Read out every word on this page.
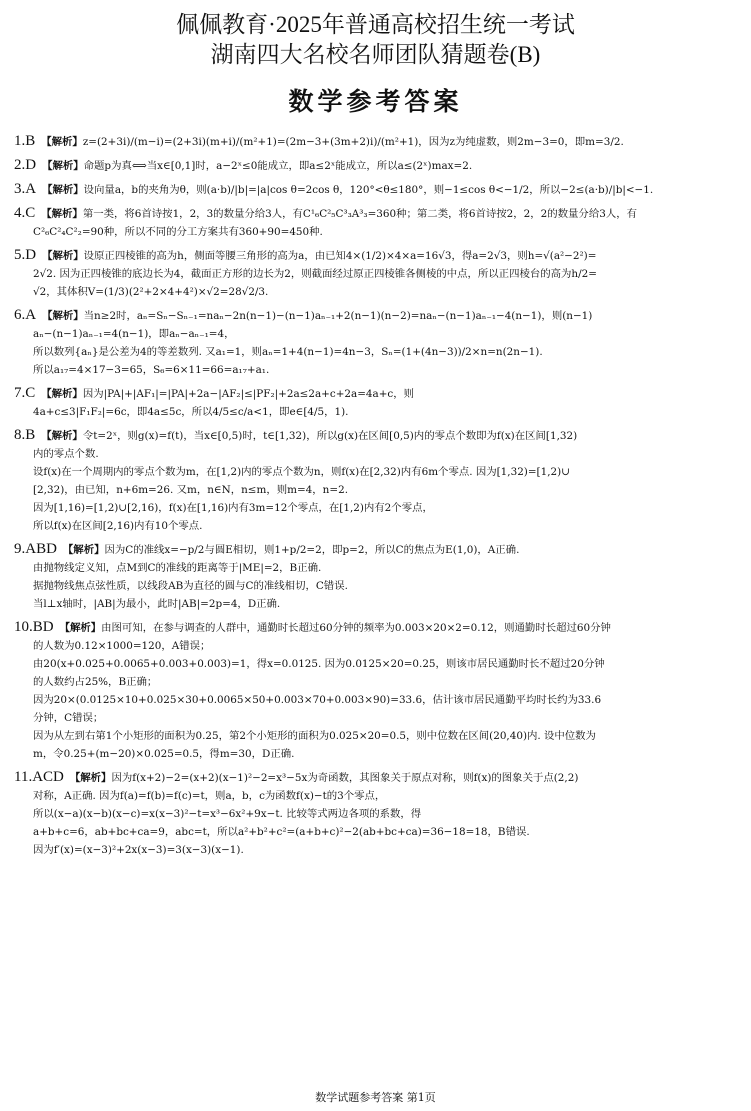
佩佩教育·2025年普通高校招生统一考试
湖南四大名校名师团队猜题卷(B)
数学参考答案
1.B 【解析】z=(2+3i)/(m−i)=(2+3i)(m+i)/(m²+1)=(2m−3+(3m+2)i)/(m²+1)，因为z为纯虚数，则2m−3=0，即m=3/2.
2.D 【解析】命题p为真⟺当x∈[0,1]时，a−2ˣ≤0能成立，即a≤2ˣ能成立，所以a≤(2ˣ)max=2.
3.A 【解析】设向量a，b的夹角为θ，则(a·b)/|b|=|a|cos θ=2cos θ，120°<θ≤180°，则−1≤cos θ<−1/2，所以−2≤(a·b)/|b|<−1.
4.C 【解析】第一类，将6首诗按1，2，3的数量分给3人，有C¹₆C²₅C³₃A³₃=360种；第二类，将6首诗按2，2，2的数量分给3人，有
C²₆C²₄C²₂=90种，所以不同的分工方案共有360+90=450种.
5.D 【解析】设原正四棱锥的高为h，侧面等腰三角形的高为a，由已知4×(1/2)×4×a=16√3，得a=2√3，则h=√(a²−2²)=
2√2. 因为正四棱锥的底边长为4，截面正方形的边长为2，则截面经过原正四棱锥各侧棱的中点，所以正四棱台的高为h/2=
√2，其体积V=(1/3)(2²+2×4+4²)×√2=28√2/3.
6.A 【解析】当n≥2时，aₙ=Sₙ−Sₙ₋₁=naₙ−2n(n−1)−(n−1)aₙ₋₁+2(n−1)(n−2)=naₙ−(n−1)aₙ₋₁−4(n−1)，则(n−1)
aₙ−(n−1)aₙ₋₁=4(n−1)，即aₙ−aₙ₋₁=4，
所以数列{aₙ}是公差为4的等差数列. 又a₁=1，则aₙ=1+4(n−1)=4n−3，Sₙ=(1+(4n−3))/2×n=n(2n−1).
所以a₁₇=4×17−3=65，S₆=6×11=66=a₁₇+a₁.
7.C 【解析】因为|PA|+|AF₁|=|PA|+2a−|AF₂|≤|PF₂|+2a≤2a+c+2a=4a+c，则
4a+c≤3|F₁F₂|=6c，即4a≤5c，所以4/5≤c/a<1，即e∈[4/5，1).
8.B 【解析】令t=2ˣ，则g(x)=f(t)，当x∈[0,5)时，t∈[1,32)，所以g(x)在区间[0,5)内的零点个数即为f(x)在区间[1,32)
内的零点个数.
设f(x)在一个周期内的零点个数为m，在[1,2)内的零点个数为n，则f(x)在[2,32)内有6m个零点. 因为[1,32)=[1,2)∪
[2,32)，由已知，n+6m=26. 又m，n∈N，n≤m，则m=4，n=2.
因为[1,16)=[1,2)∪[2,16)，f(x)在[1,16)内有3m=12个零点，在[1,2)内有2个零点，
所以f(x)在区间[2,16)内有10个零点.
9.ABD 【解析】因为C的准线x=−p/2与圆E相切，则1+p/2=2，即p=2，所以C的焦点为E(1,0)，A正确.
由抛物线定义知，点M到C的准线的距离等于|ME|=2，B正确.
据抛物线焦点弦性质，以线段AB为直径的圆与C的准线相切，C错误.
当l⊥x轴时，|AB|为最小，此时|AB|=2p=4，D正确.
10.BD 【解析】由图可知，在参与调查的人群中，通勤时长超过60分钟的频率为0.003×20×2=0.12，则通勤时长超过60分钟
的人数为0.12×1000=120，A错误；
由20(x+0.025+0.0065+0.003+0.003)=1，得x=0.0125. 因为0.0125×20=0.25，则该市居民通勤时长不超过20分钟
的人数约占25%，B正确；
因为20×(0.0125×10+0.025×30+0.0065×50+0.003×70+0.003×90)=33.6，估计该市居民通勤平均时长约为33.6
分钟，C错误；
因为从左到右第1个小矩形的面积为0.25，第2个小矩形的面积为0.025×20=0.5，则中位数在区间(20,40)内. 设中位数为
m，令0.25+(m−20)×0.025=0.5，得m=30，D正确.
11.ACD 【解析】因为f(x+2)−2=(x+2)(x−1)²−2=x³−5x为奇函数，其图象关于原点对称，则f(x)的图象关于点(2,2)
对称，A正确. 因为f(a)=f(b)=f(c)=t，则a，b，c为函数f(x)−t的3个零点，
所以(x−a)(x−b)(x−c)=x(x−3)²−t=x³−6x²+9x−t. 比较等式两边各项的系数，得
a+b+c=6，ab+bc+ca=9，abc=t，所以a²+b²+c²=(a+b+c)²−2(ab+bc+ca)=36−18=18，B错误.
因为f′(x)=(x−3)²+2x(x−3)=3(x−3)(x−1).
数学试题参考答案 第1页
